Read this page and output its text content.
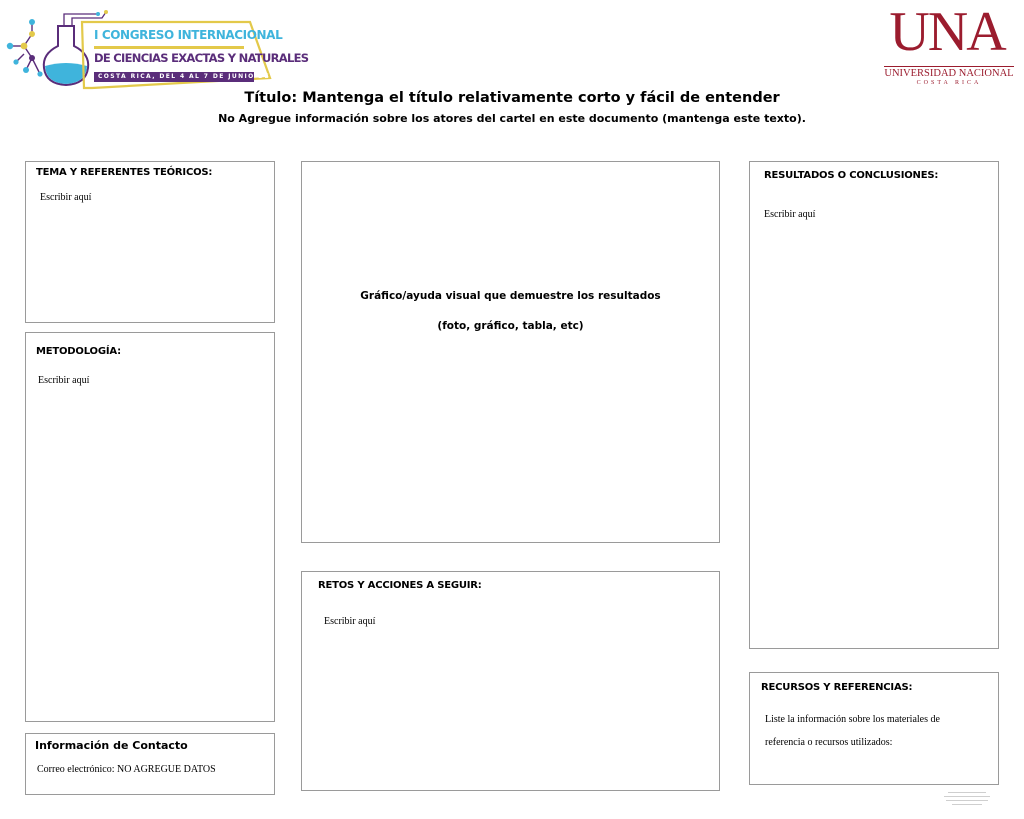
I CONGRESO INTERNACIONAL
DE CIENCIAS EXACTAS Y NATURALES
COSTA RICA, DEL 4 AL 7 DE JUNIO DE 2019
UNA
UNIVERSIDAD NACIONAL
COSTA RICA
Título: Mantenga el título relativamente corto y fácil de entender
No Agregue información sobre los atores del cartel en este documento (mantenga este texto).
TEMA Y REFERENTES TEÓRICOS:
Escribir aquí
METODOLOGÍA:
Escribir aquí
Información de Contacto
Correo electrónico: NO AGREGUE DATOS
Gráfico/ayuda visual que demuestre los resultados
(foto, gráfico, tabla, etc)
RETOS Y ACCIONES A SEGUIR:
Escribir aquí
RESULTADOS O CONCLUSIONES:
Escribir aquí
RECURSOS Y REFERENCIAS:
Liste la información sobre los materiales de
referencia o recursos utilizados:
